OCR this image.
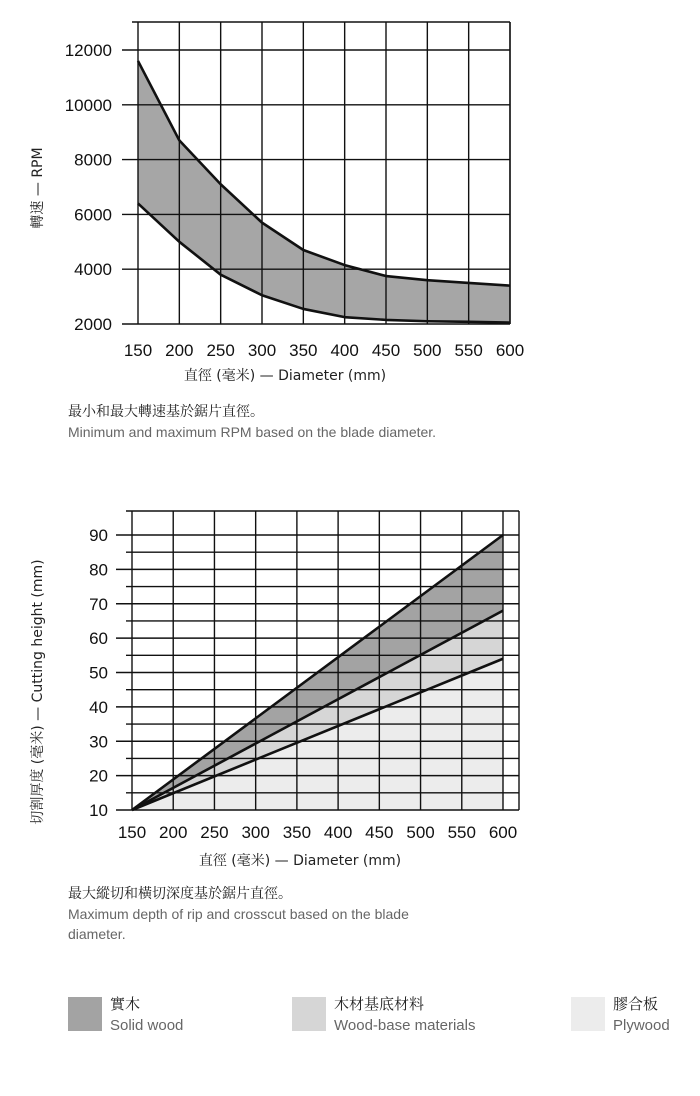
150 200 250 300 350 400 450 500 550 600
2000
4000
6000
8000
10000
12000
直徑 (毫米) — Diameter (mm)
轉速 — RPM
150 200 250 300 350 400 450 500 550 600
10
20
30
40
50
60
70
80
90
直徑 (毫米) — Diameter (mm)
切割厚度 (毫米) — Cutting height (mm)
最小和最大轉速基於鋸片直徑。
Minimum and maximum RPM based on the blade diameter.
最大縱切和橫切深度基於鋸片直徑。
Maximum depth of rip and crosscut based on the blade
diameter.
實木
Solid wood
木材基底材料
Wood-base materials
膠合板
Plywood
